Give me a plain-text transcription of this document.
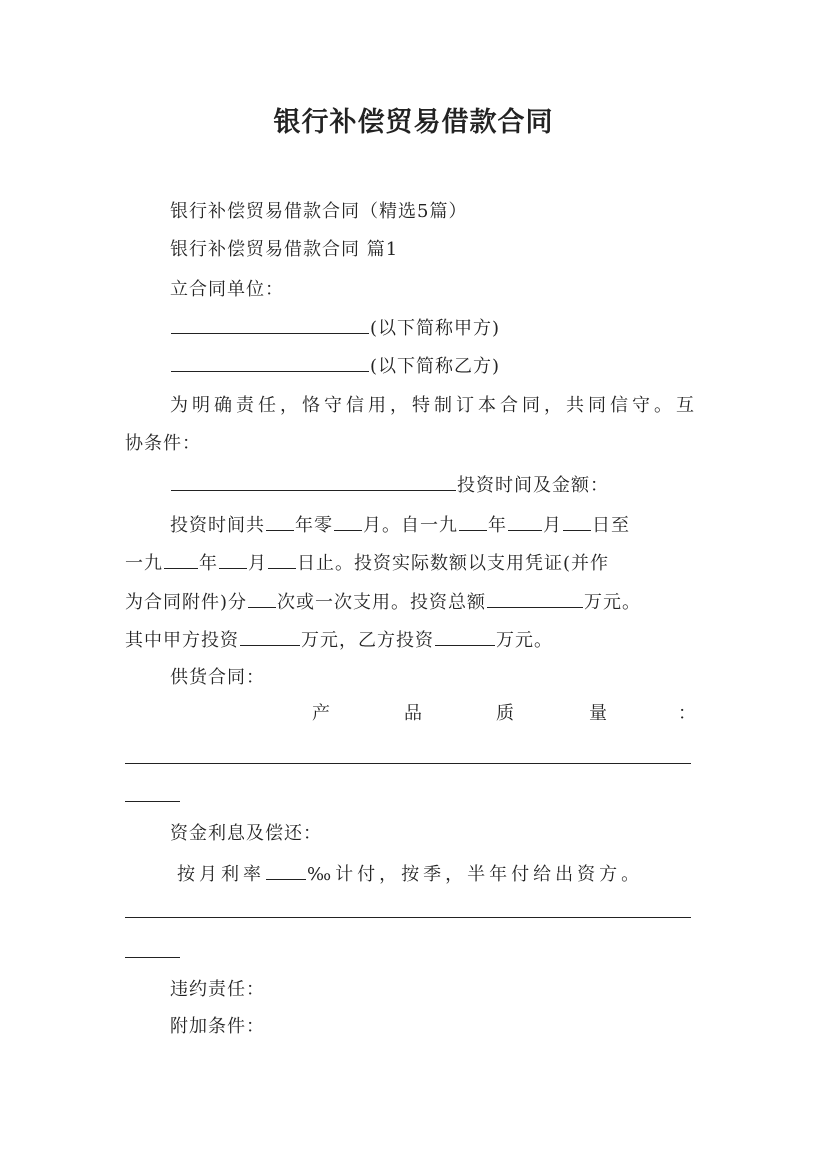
银行补偿贸易借款合同
银行补偿贸易借款合同（精选5篇）
银行补偿贸易借款合同 篇1
立合同单位：
(以下简称甲方)
(以下简称乙方)
为明确责任，恪守信用，特制订本合同，共同信守。互
协条件：
投资时间及金额：
投资时间共 年零 月。自一九 年 月 日至
一九 年 月 日止。投资实际数额以支用凭证(并作
为合同附件)分 次或一次支用。投资总额	万元。
其中甲方投资	万元，乙方投资	万元。
供货合同：
产	品	质	量	：
资金利息及偿还：
按月利率 ‰计付，按季，半年付给出资方。
违约责任：
附加条件：
